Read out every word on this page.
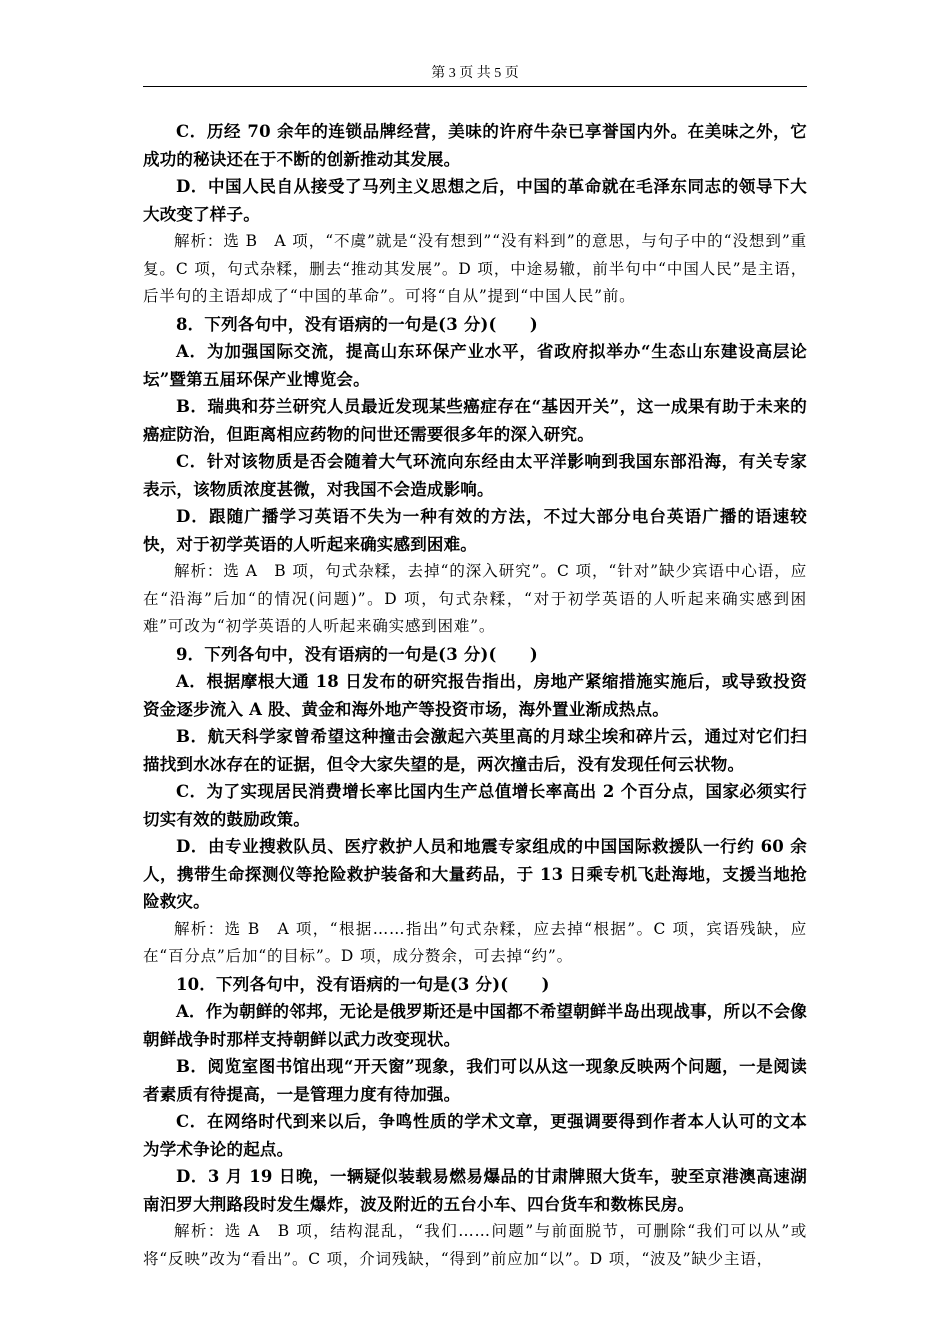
第 3 页 共 5 页

C．历经 70 余年的连锁品牌经营，美味的许府牛杂已享誉国内外。在美味之外，它成功的秘诀还在于不断的创新推动其发展。

D．中国人民自从接受了马列主义思想之后，中国的革命就在毛泽东同志的领导下大大改变了样子。

解析：选 B　A 项，“不虞”就是“没有想到”“没有料到”的意思，与句子中的“没想到”重复。C 项，句式杂糅，删去“推动其发展”。D 项，中途易辙，前半句中“中国人民”是主语，后半句的主语却成了“中国的革命”。可将“自从”提到“中国人民”前。

8．下列各句中，没有语病的一句是(3 分)(　　)

A．为加强国际交流，提高山东环保产业水平，省政府拟举办“生态山东建设高层论坛”暨第五届环保产业博览会。

B．瑞典和芬兰研究人员最近发现某些癌症存在“基因开关”，这一成果有助于未来的癌症防治，但距离相应药物的问世还需要很多年的深入研究。

C．针对该物质是否会随着大气环流向东经由太平洋影响到我国东部沿海，有关专家表示，该物质浓度甚微，对我国不会造成影响。

D．跟随广播学习英语不失为一种有效的方法，不过大部分电台英语广播的语速较快，对于初学英语的人听起来确实感到困难。

解析：选 A　B 项，句式杂糅，去掉“的深入研究”。C 项，“针对”缺少宾语中心语，应在“沿海”后加“的情况(问题)”。D 项，句式杂糅，“对于初学英语的人听起来确实感到困难”可改为“初学英语的人听起来确实感到困难”。

9．下列各句中，没有语病的一句是(3 分)(　　)

A．根据摩根大通 18 日发布的研究报告指出，房地产紧缩措施实施后，或导致投资资金逐步流入 A 股、黄金和海外地产等投资市场，海外置业渐成热点。

B．航天科学家曾希望这种撞击会激起六英里高的月球尘埃和碎片云，通过对它们扫描找到水冰存在的证据，但令大家失望的是，两次撞击后，没有发现任何云状物。

C．为了实现居民消费增长率比国内生产总值增长率高出 2 个百分点，国家必须实行切实有效的鼓励政策。

D．由专业搜救队员、医疗救护人员和地震专家组成的中国国际救援队一行约 60 余人，携带生命探测仪等抢险救护装备和大量药品，于 13 日乘专机飞赴海地，支援当地抢险救灾。

解析：选 B　A 项，“根据……指出”句式杂糅，应去掉“根据”。C 项，宾语残缺，应在“百分点”后加“的目标”。D 项，成分赘余，可去掉“约”。

10．下列各句中，没有语病的一句是(3 分)(　　)

A．作为朝鲜的邻邦，无论是俄罗斯还是中国都不希望朝鲜半岛出现战事，所以不会像朝鲜战争时那样支持朝鲜以武力改变现状。

B．阅览室图书馆出现“开天窗”现象，我们可以从这一现象反映两个问题，一是阅读者素质有待提高，一是管理力度有待加强。

C．在网络时代到来以后，争鸣性质的学术文章，更强调要得到作者本人认可的文本为学术争论的起点。

D．3 月 19 日晚，一辆疑似装载易燃易爆品的甘肃牌照大货车，驶至京港澳高速湖南汨罗大荆路段时发生爆炸，波及附近的五台小车、四台货车和数栋民房。

解析：选 A　B 项，结构混乱，“我们……问题”与前面脱节，可删除“我们可以从”或将“反映”改为“看出”。C 项，介词残缺，“得到”前应加“以”。D 项，“波及”缺少主语，
